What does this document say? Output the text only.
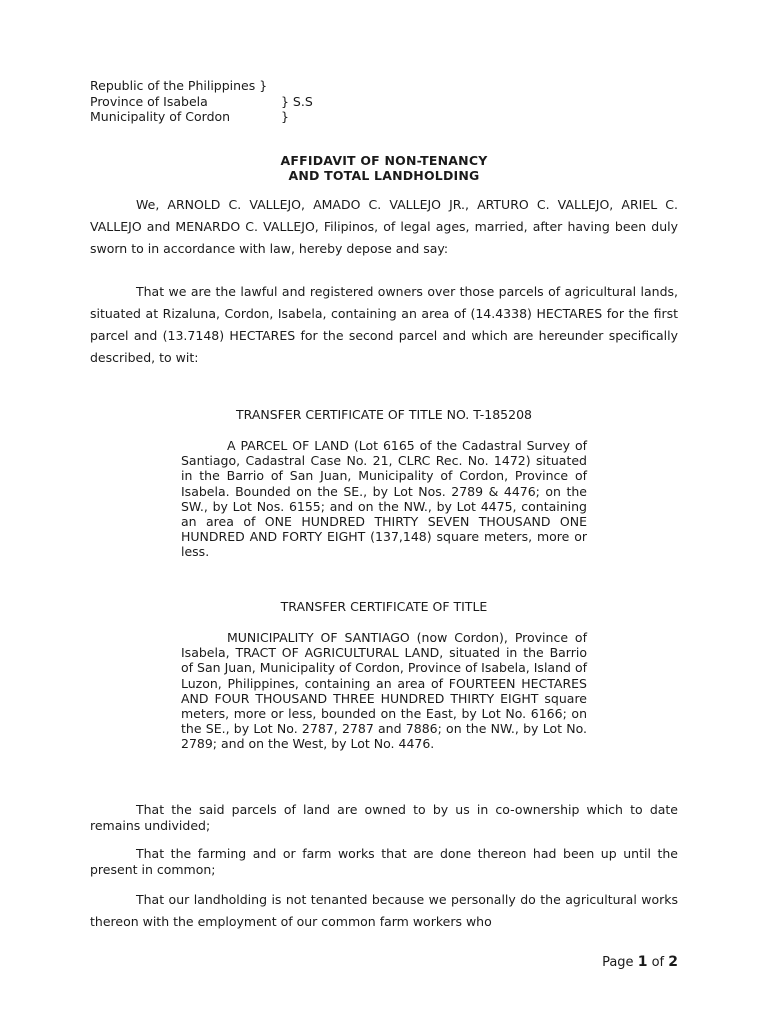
Republic of the Philippines }
Province of Isabela	} S.S
Municipality of Cordon	}
AFFIDAVIT OF NON-TENANCY
AND TOTAL LANDHOLDING
We, ARNOLD C. VALLEJO, AMADO C. VALLEJO JR., ARTURO C. VALLEJO, ARIEL C. VALLEJO and MENARDO C. VALLEJO, Filipinos, of legal ages, married, after having been duly sworn to in accordance with law, hereby depose and say:
That we are the lawful and registered owners over those parcels of agricultural lands, situated at Rizaluna, Cordon, Isabela, containing an area of (14.4338) HECTARES for the first parcel and (13.7148) HECTARES for the second parcel and which are hereunder specifically described, to wit:
TRANSFER CERTIFICATE OF TITLE NO. T-185208
A PARCEL OF LAND (Lot 6165 of the Cadastral Survey of Santiago, Cadastral Case No. 21, CLRC Rec. No. 1472) situated in the Barrio of San Juan, Municipality of Cordon, Province of Isabela. Bounded on the SE., by Lot Nos. 2789 & 4476; on the SW., by Lot Nos. 6155; and on the NW., by Lot 4475, containing an area of ONE HUNDRED THIRTY SEVEN THOUSAND ONE HUNDRED AND FORTY EIGHT (137,148) square meters, more or less.
TRANSFER CERTIFICATE OF TITLE
MUNICIPALITY OF SANTIAGO (now Cordon), Province of Isabela, TRACT OF AGRICULTURAL LAND, situated in the Barrio of San Juan, Municipality of Cordon, Province of Isabela, Island of Luzon, Philippines, containing an area of FOURTEEN HECTARES AND FOUR THOUSAND THREE HUNDRED THIRTY EIGHT square meters, more or less, bounded on the East, by Lot No. 6166; on the SE., by Lot No. 2787, 2787 and 7886; on the NW., by Lot No. 2789; and on the West, by Lot No. 4476.
That the said parcels of land are owned to by us in co-ownership which to date remains undivided;
That the farming and or farm works that are done thereon had been up until the present in common;
That our landholding is not tenanted because we personally do the agricultural works thereon with the employment of our common farm workers who
Page 1 of 2
